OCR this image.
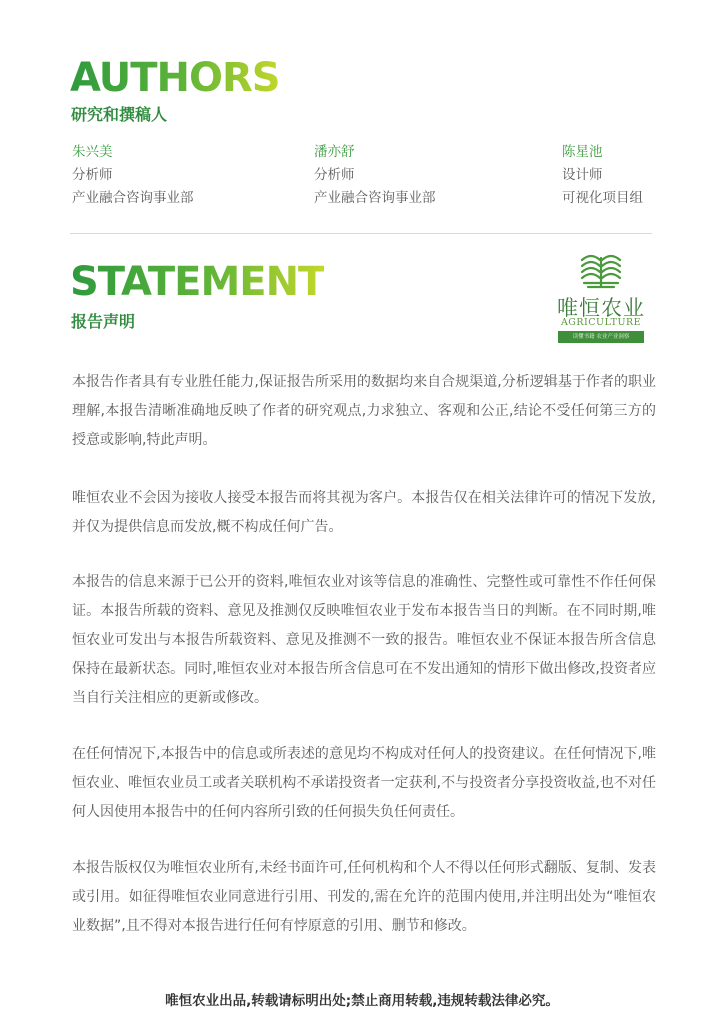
AUTHORS
研究和撰稿人
朱兴美
分析师
产业融合咨询事业部
潘亦舒
分析师
产业融合咨询事业部
陈星池
设计师
可视化项目组
STATEMENT
报告声明
唯恒农业
AGRICULTURE
读懂书籍 农业产业洞察
本报告作者具有专业胜任能力,保证报告所采用的数据均来自合规渠道,分析逻辑基于作者的职业理解,本报告清晰准确地反映了作者的研究观点,力求独立、客观和公正,结论不受任何第三方的授意或影响,特此声明。
唯恒农业不会因为接收人接受本报告而将其视为客户。本报告仅在相关法律许可的情况下发放,并仅为提供信息而发放,概不构成任何广告。
本报告的信息来源于已公开的资料,唯恒农业对该等信息的准确性、完整性或可靠性不作任何保证。本报告所载的资料、意见及推测仅反映唯恒农业于发布本报告当日的判断。在不同时期,唯恒农业可发出与本报告所载资料、意见及推测不一致的报告。唯恒农业不保证本报告所含信息保持在最新状态。同时,唯恒农业对本报告所含信息可在不发出通知的情形下做出修改,投资者应当自行关注相应的更新或修改。
在任何情况下,本报告中的信息或所表述的意见均不构成对任何人的投资建议。在任何情况下,唯恒农业、唯恒农业员工或者关联机构不承诺投资者一定获利,不与投资者分享投资收益,也不对任何人因使用本报告中的任何内容所引致的任何损失负任何责任。
本报告版权仅为唯恒农业所有,未经书面许可,任何机构和个人不得以任何形式翻版、复制、发表或引用。如征得唯恒农业同意进行引用、刊发的,需在允许的范围内使用,并注明出处为“唯恒农业数据”,且不得对本报告进行任何有悖原意的引用、删节和修改。
唯恒农业出品,转载请标明出处;禁止商用转载,违规转载法律必究。
